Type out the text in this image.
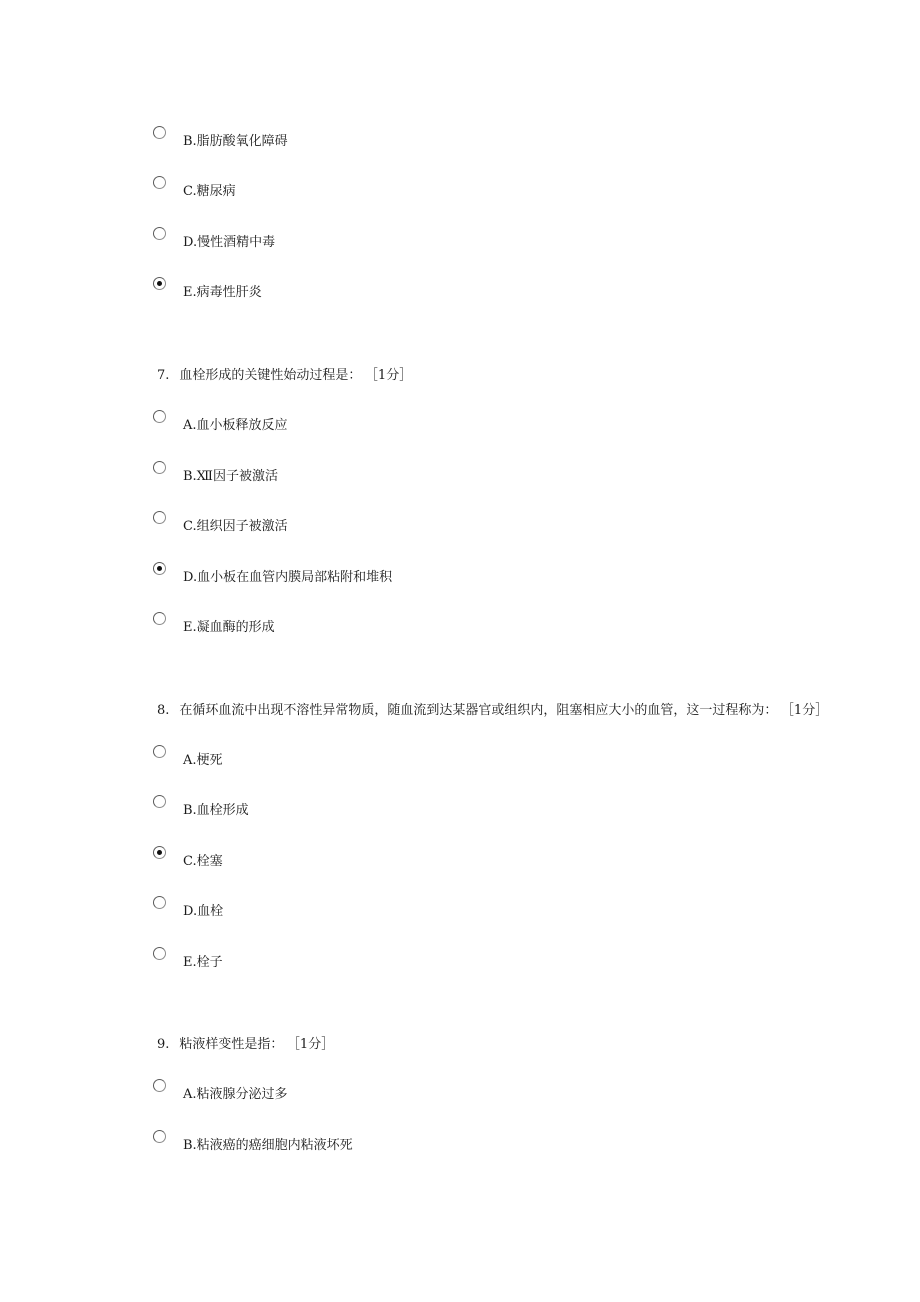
B.脂肪酸氧化障碍
C.糖尿病
D.慢性酒精中毒
E.病毒性肝炎
7. 血栓形成的关键性始动过程是： ［1分］
A.血小板释放反应
B.Ⅻ因子被激活
C.组织因子被激活
D.血小板在血管内膜局部粘附和堆积
E.凝血酶的形成
8. 在循环血流中出现不溶性异常物质，随血流到达某器官或组织内，阻塞相应大小的血管，这一过程称为： ［1分］
A.梗死
B.血栓形成
C.栓塞
D.血栓
E.栓子
9. 粘液样变性是指： ［1分］
A.粘液腺分泌过多
B.粘液癌的癌细胞内粘液坏死
